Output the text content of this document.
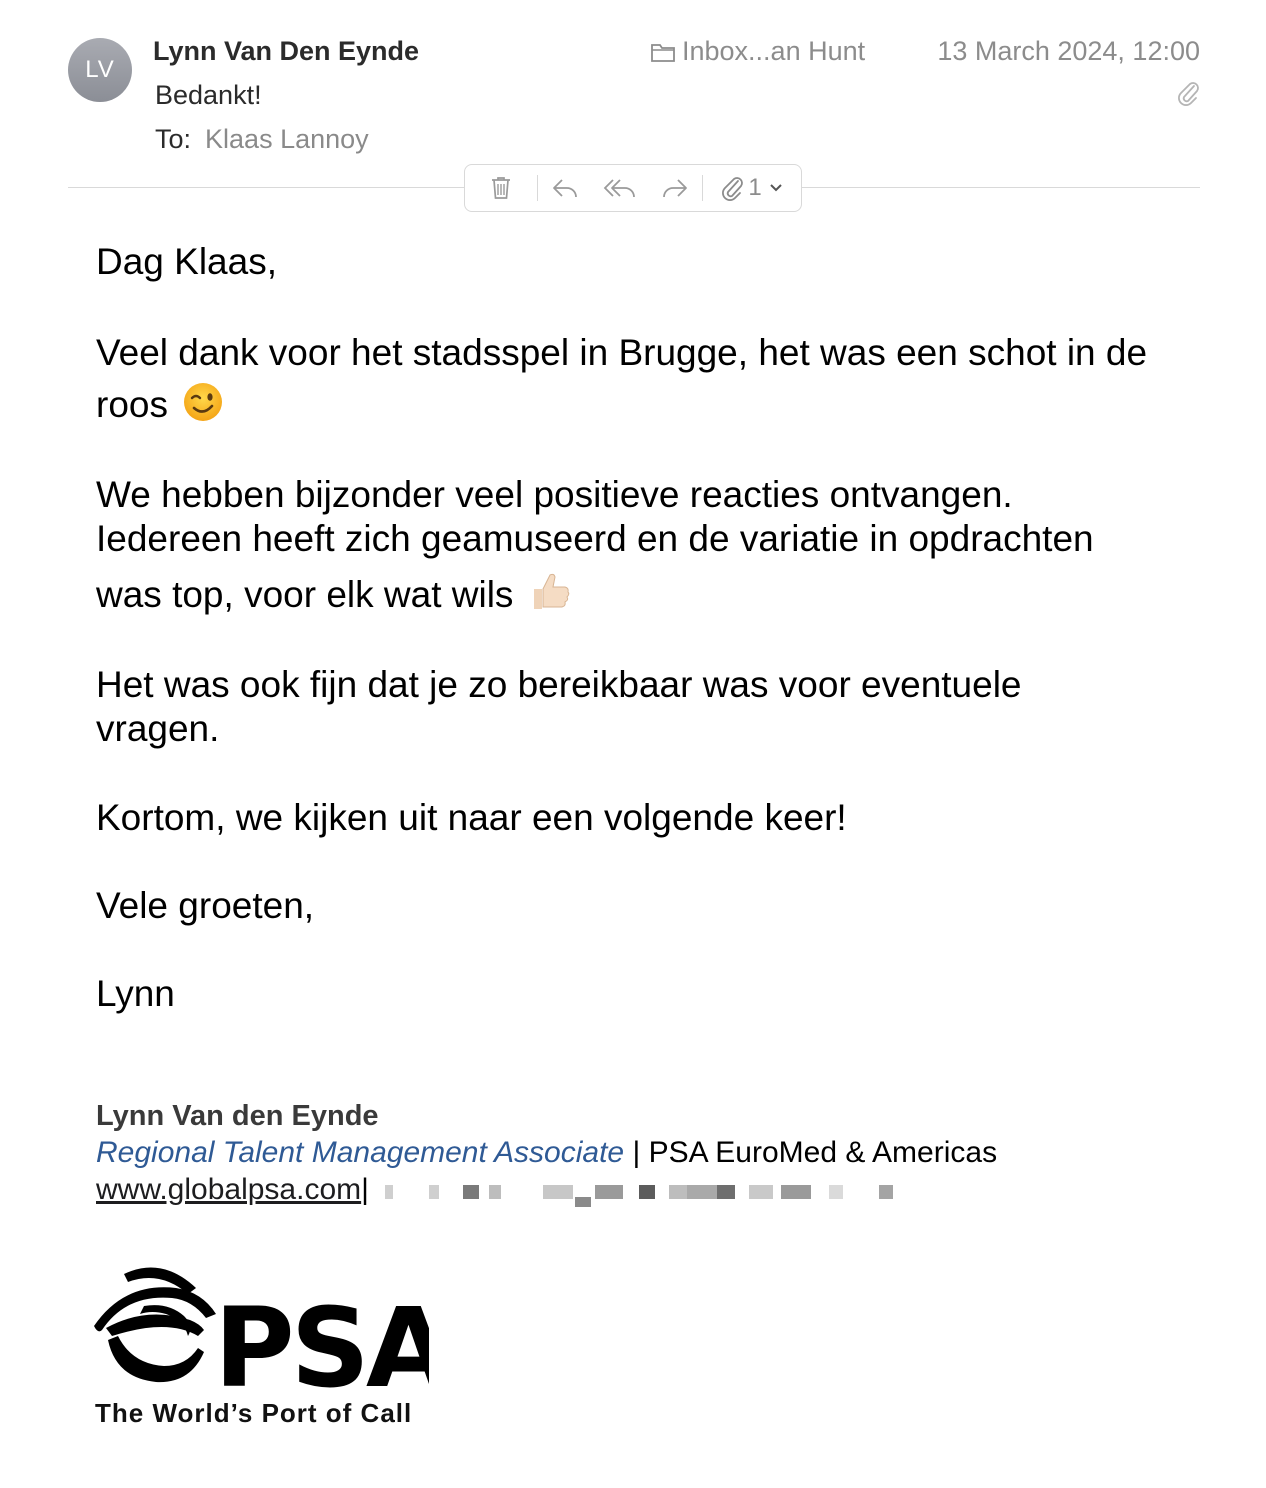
LV
Lynn Van Den Eynde
Bedankt!
To: Klaas Lannoy
Inbox...an Hunt	13 March 2024, 12:00
1
Dag Klaas,
Veel dank voor het stadsspel in Brugge, het was een schot in de roos
We hebben bijzonder veel positieve reacties ontvangen.
Iedereen heeft zich geamuseerd en de variatie in opdrachten
was top, voor elk wat wils
Het was ook fijn dat je zo bereikbaar was voor eventuele vragen.
Kortom, we kijken uit naar een volgende keer!
Vele groeten,
Lynn
Lynn Van den Eynde
Regional Talent Management Associate | PSA EuroMed & Americas
www.globalpsa.com |
PSA
The World’s Port of Call
